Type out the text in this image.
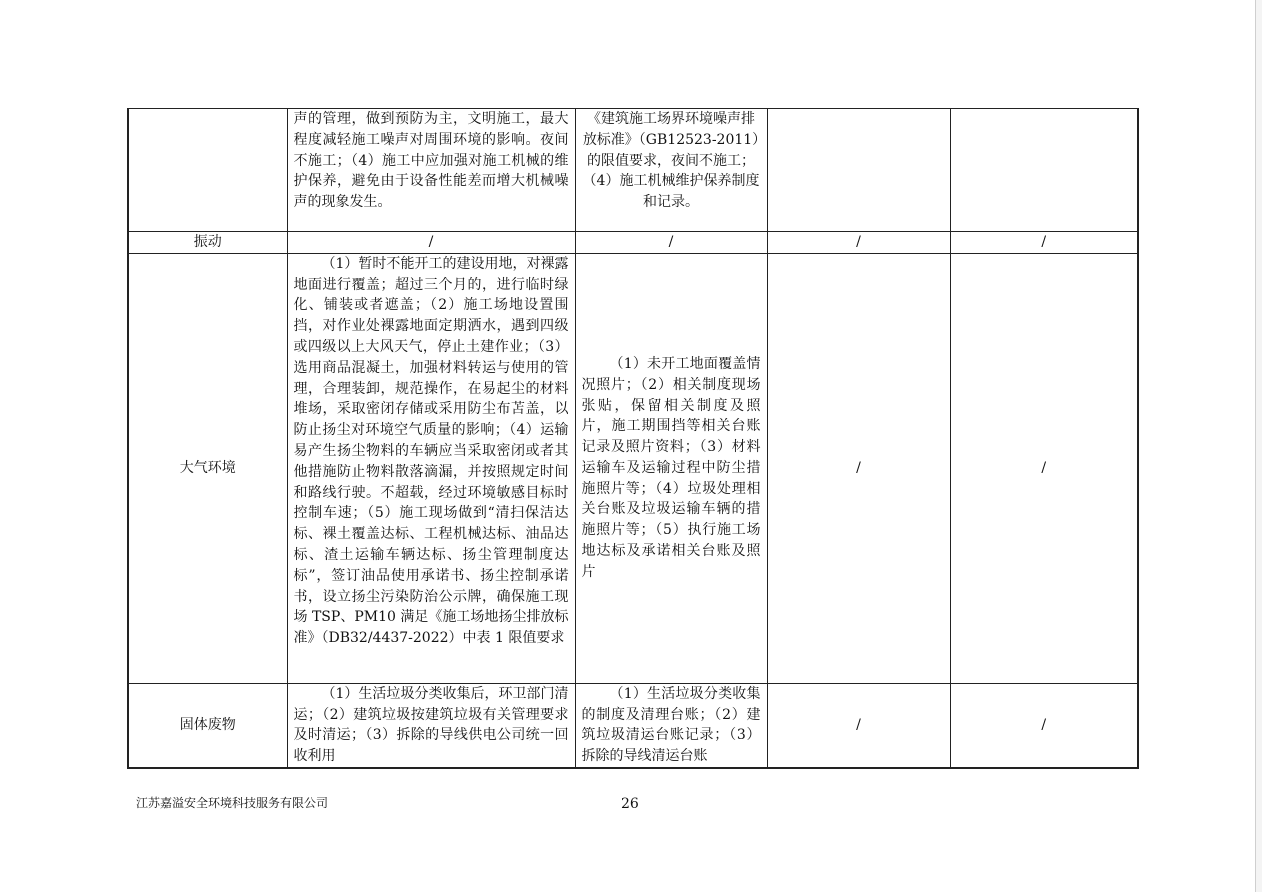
	声的管理，做到预防为主，文明施工，最大程度减轻施工噪声对周围环境的影响。夜间不施工；（4）施工中应加强对施工机械的维护保养，避免由于设备性能差而增大机械噪声的现象发生。	《建筑施工场界环境噪声排放标准》（GB12523-2011）的限值要求，夜间不施工；（4）施工机械维护保养制度和记录。		
振动	/	/	/	/
大气环境	（1）暂时不能开工的建设用地，对裸露地面进行覆盖；超过三个月的，进行临时绿化、铺装或者遮盖；（2）施工场地设置围挡，对作业处裸露地面定期洒水，遇到四级或四级以上大风天气，停止土建作业；（3）选用商品混凝土，加强材料转运与使用的管理，合理装卸，规范操作，在易起尘的材料堆场，采取密闭存储或采用防尘布苫盖，以防止扬尘对环境空气质量的影响；（4）运输易产生扬尘物料的车辆应当采取密闭或者其他措施防止物料散落滴漏，并按照规定时间和路线行驶。不超载，经过环境敏感目标时控制车速；（5）施工现场做到“清扫保洁达标、裸土覆盖达标、工程机械达标、油品达标、渣土运输车辆达标、扬尘管理制度达标”，签订油品使用承诺书、扬尘控制承诺书，设立扬尘污染防治公示牌，确保施工现场 TSP、PM10 满足《施工场地扬尘排放标准》（DB32/4437-2022）中表 1 限值要求	（1）未开工地面覆盖情况照片；（2）相关制度现场张贴，保留相关制度及照片，施工期围挡等相关台账记录及照片资料；（3）材料运输车及运输过程中防尘措施照片等；（4）垃圾处理相关台账及垃圾运输车辆的措施照片等；（5）执行施工场地达标及承诺相关台账及照片	/	/
固体废物	（1）生活垃圾分类收集后，环卫部门清运；（2）建筑垃圾按建筑垃圾有关管理要求及时清运；（3）拆除的导线供电公司统一回收利用	（1）生活垃圾分类收集的制度及清理台账；（2）建筑垃圾清运台账记录；（3）拆除的导线清运台账	/	/
江苏嘉溢安全环境科技服务有限公司	26
